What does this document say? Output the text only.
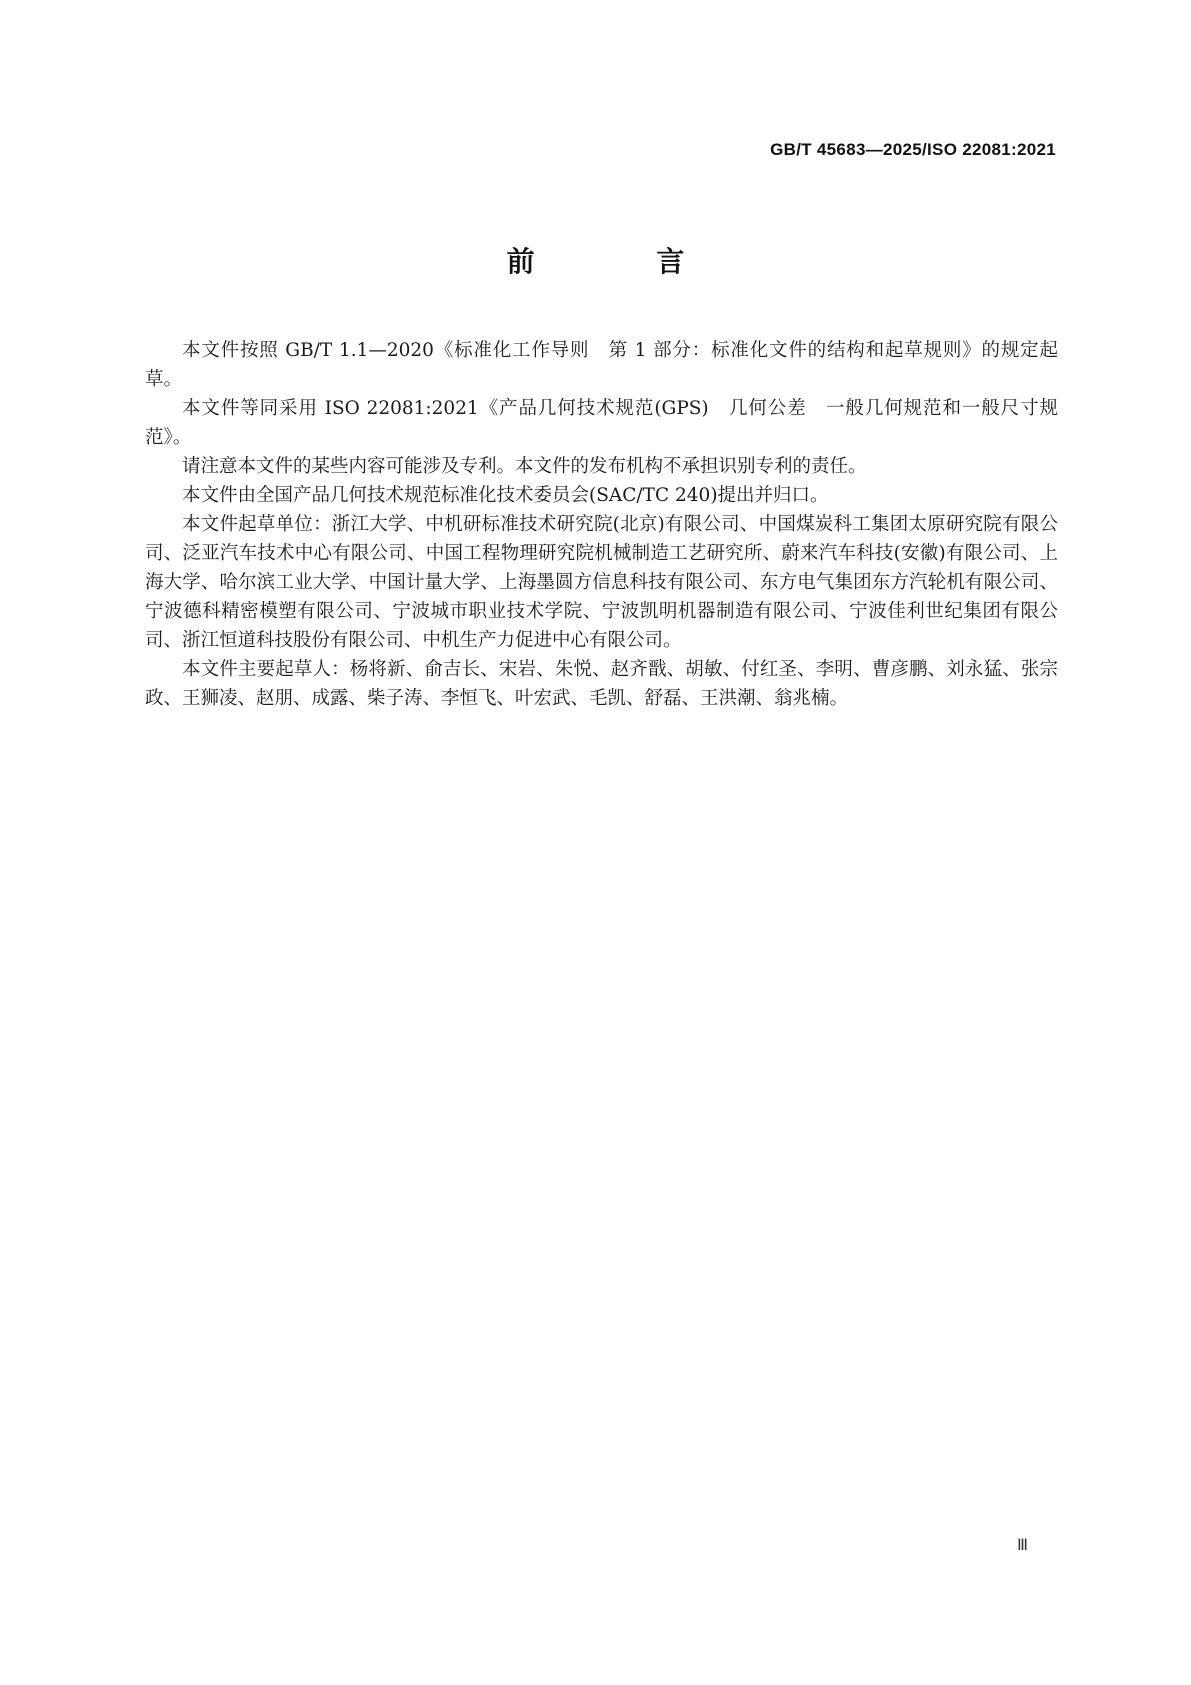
GB/T 45683—2025/ISO 22081:2021
前 言

本文件按照 GB/T 1.1—2020《标准化工作导则　第 1 部分：标准化文件的结构和起草规则》的规定起草。

本文件等同采用 ISO 22081:2021《产品几何技术规范(GPS)　几何公差　一般几何规范和一般尺寸规范》。

请注意本文件的某些内容可能涉及专利。本文件的发布机构不承担识别专利的责任。

本文件由全国产品几何技术规范标准化技术委员会(SAC/TC 240)提出并归口。

本文件起草单位：浙江大学、中机研标准技术研究院(北京)有限公司、中国煤炭科工集团太原研究院有限公司、泛亚汽车技术中心有限公司、中国工程物理研究院机械制造工艺研究所、蔚来汽车科技(安徽)有限公司、上海大学、哈尔滨工业大学、中国计量大学、上海墨圆方信息科技有限公司、东方电气集团东方汽轮机有限公司、宁波德科精密模塑有限公司、宁波城市职业技术学院、宁波凯明机器制造有限公司、宁波佳利世纪集团有限公司、浙江恒道科技股份有限公司、中机生产力促进中心有限公司。

本文件主要起草人：杨将新、俞吉长、宋岩、朱悦、赵齐戬、胡敏、付红圣、李明、曹彦鹏、刘永猛、张宗政、王狮凌、赵朋、成露、柴子涛、李恒飞、叶宏武、毛凯、舒磊、王洪潮、翁兆楠。

Ⅲ
